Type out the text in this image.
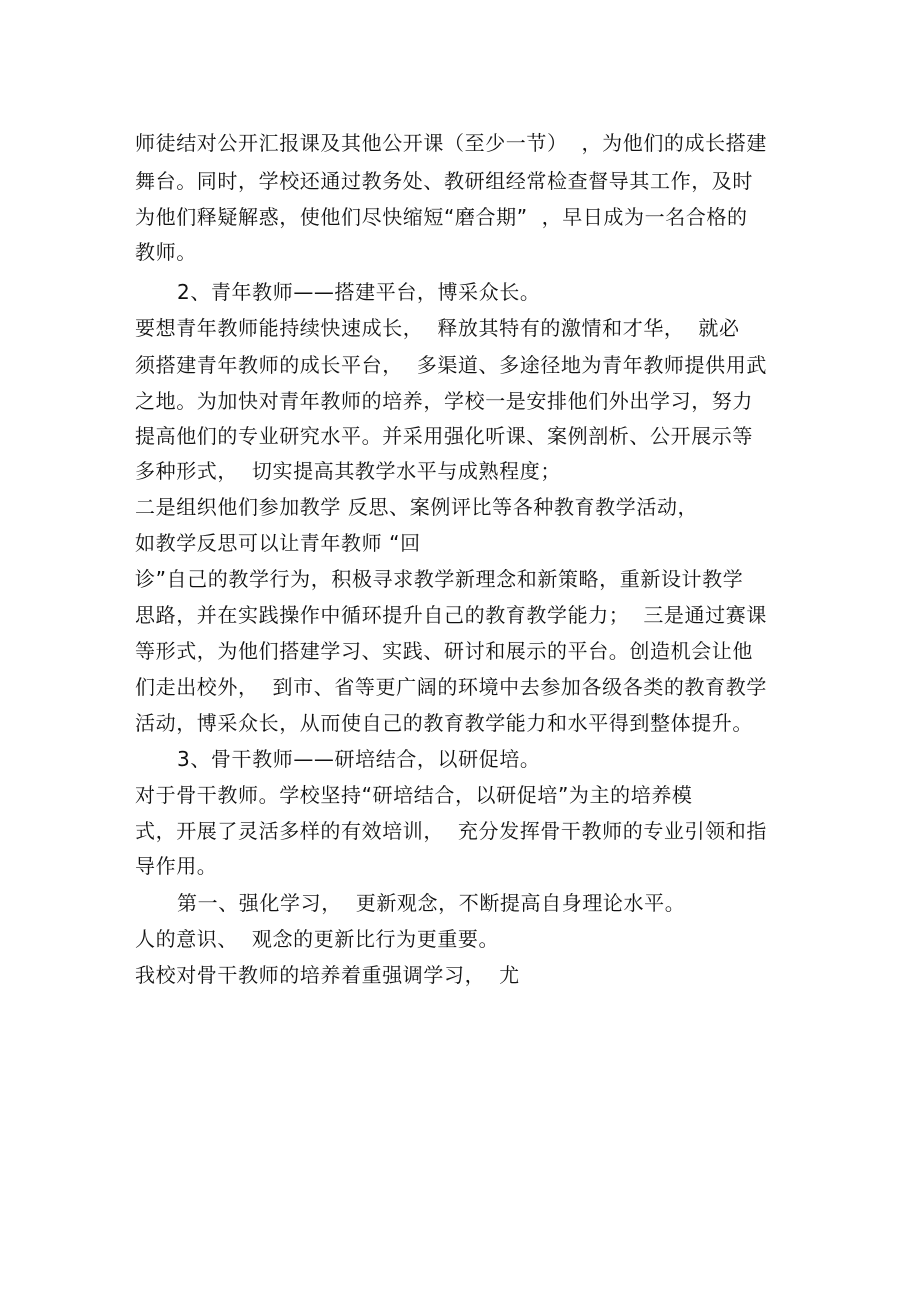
师徒结对公开汇报课及其他公开课（至少一节）  ，为他们的成长搭建
舞台。同时，学校还通过教务处、教研组经常检查督导其工作，及时
为他们释疑解惑，使他们尽快缩短“磨合期”  ，早日成为一名合格的
教师。
2、青年教师——搭建平台，博采众长。
要想青年教师能持续快速成长，  释放其特有的激情和才华，  就必
须搭建青年教师的成长平台，  多渠道、多途径地为青年教师提供用武
之地。为加快对青年教师的培养，学校一是安排他们外出学习，努力
提高他们的专业研究水平。并采用强化听课、案例剖析、公开展示等
多种形式，  切实提高其教学水平与成熟程度；
二是组织他们参加教学 反思、案例评比等各种教育教学活动，
如教学反思可以让青年教师 “回
诊”自己的教学行为，积极寻求教学新理念和新策略，重新设计教学
思路，并在实践操作中循环提升自己的教育教学能力；  三是通过赛课
等形式，为他们搭建学习、实践、研讨和展示的平台。创造机会让他
们走出校外，  到市、省等更广阔的环境中去参加各级各类的教育教学
活动，博采众长，从而使自己的教育教学能力和水平得到整体提升。
3、骨干教师——研培结合，以研促培。
对于骨干教师。学校坚持“研培结合，以研促培”为主的培养模
式，开展了灵活多样的有效培训，  充分发挥骨干教师的专业引领和指
导作用。
第一、强化学习，  更新观念，不断提高自身理论水平。
人的意识、  观念的更新比行为更重要。
我校对骨干教师的培养着重强调学习，  尤
